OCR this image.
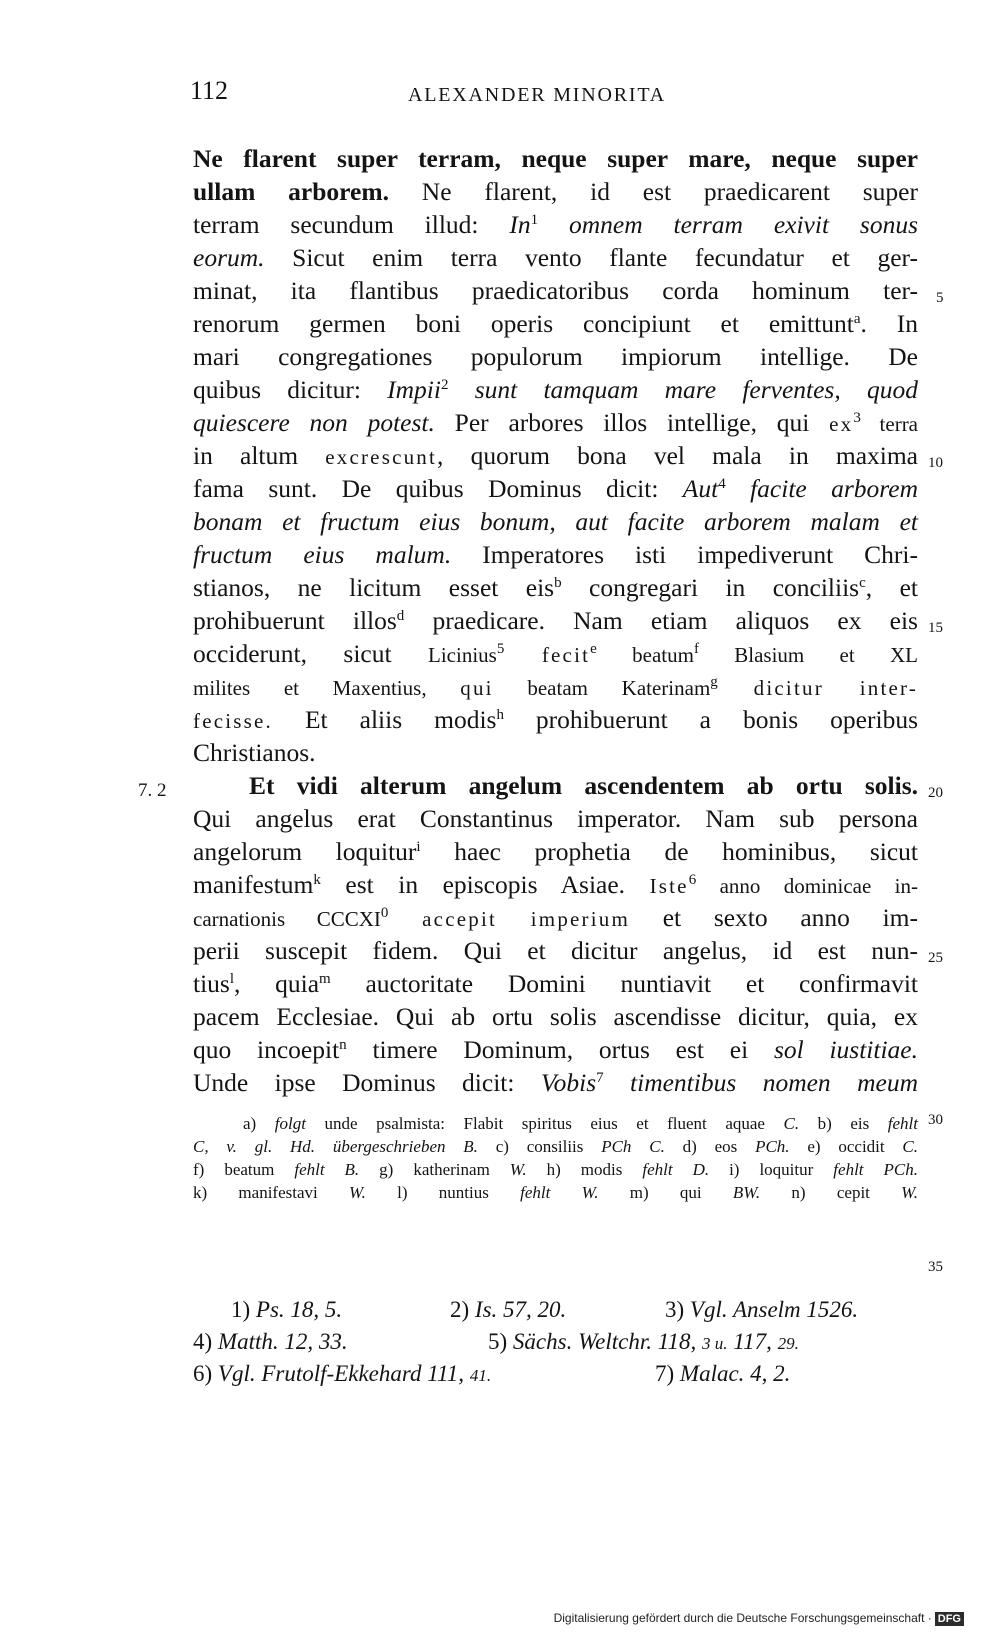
112	ALEXANDER MINORITA
Ne flarent super terram, neque super mare, neque super
ullam arborem. Ne flarent, id est praedicarent super
terram secundum illud: In$^1$ omnem terram exivit sonus
eorum. Sicut enim terra vento flante fecundatur et ger-
minat, ita flantibus praedicatoribus corda hominum ter-
renorum germen boni operis concipiunt et emittunt$^a$. In
mari congregationes populorum impiorum intellige. De
quibus dicitur: Impii$^2$ sunt tamquam mare ferventes, quod
quiescere non potest. Per arbores illos intellige, qui $ex^3$ terra
in altum excrescunt, quorum bona vel mala in maxima
fama sunt. De quibus Dominus dicit: Aut$^4$ facite arborem
bonam et fructum eius bonum, aut facite arborem malam et
fructum eius malum. Imperatores isti impediverunt Chri-
stianos, ne licitum esset eis$^b$ congregari in conciliis$^c$, et
prohibuerunt illos$^d$ praedicare. Nam etiam aliquos ex eis
occiderunt, sicut Licinius$^5$ fecit$^e$ beatum$^f$ Blasium et XL
milites et Maxentius, qui beatam Katerinam$^g$ dicitur inter-
fecisse. Et aliis modis$^h$ prohibuerunt a bonis operibus
Christianos.
Et vidi alterum angelum ascendentem ab ortu solis.
Qui angelus erat Constantinus imperator. Nam sub persona
angelorum loquitur$^i$ haec prophetia de hominibus, sicut
manifestum$^k$ est in episcopis Asiae. Iste$^6$ anno dominicae in-
carnationis CCCXI$^0$ accepit imperium et sexto anno im-
perii suscepit fidem. Qui et dicitur angelus, id est nun-
tius$^l$, quia$^m$ auctoritate Domini nuntiavit et confirmavit
pacem Ecclesiae. Qui ab ortu solis ascendisse dicitur, quia, ex
quo incoepit$^n$ timere Dominum, ortus est ei sol iustitiae.
Unde ipse Dominus dicit: Vobis$^7$ timentibus nomen meum
5
10
15
7. 2	20
25
30
35
a) folgt unde psalmista: Flabit spiritus eius et fluent aquae C. b) eis fehlt
C, v. gl. Hd. übergeschrieben B. c) consiliis PCh C. d) eos PCh. e) occidit C.
f) beatum fehlt B. g) katherinam W. h) modis fehlt D. i) loquitur fehlt PCh.
k) manifestavi W. l) nuntius fehlt W. m) qui BW. n) cepit W.
1) Ps. 18, 5.	2) Is. 57, 20.	3) Vgl. Anselm 1526.
4) Matth. 12, 33.	5) Sächs. Weltchr. 118, 3 u. 117, 29.
6) Vgl. Frutolf-Ekkehard 111, 41.	7) Malac. 4, 2.
Digitalisierung gefördert durch die Deutsche Forschungsgemeinschaft · DFG
